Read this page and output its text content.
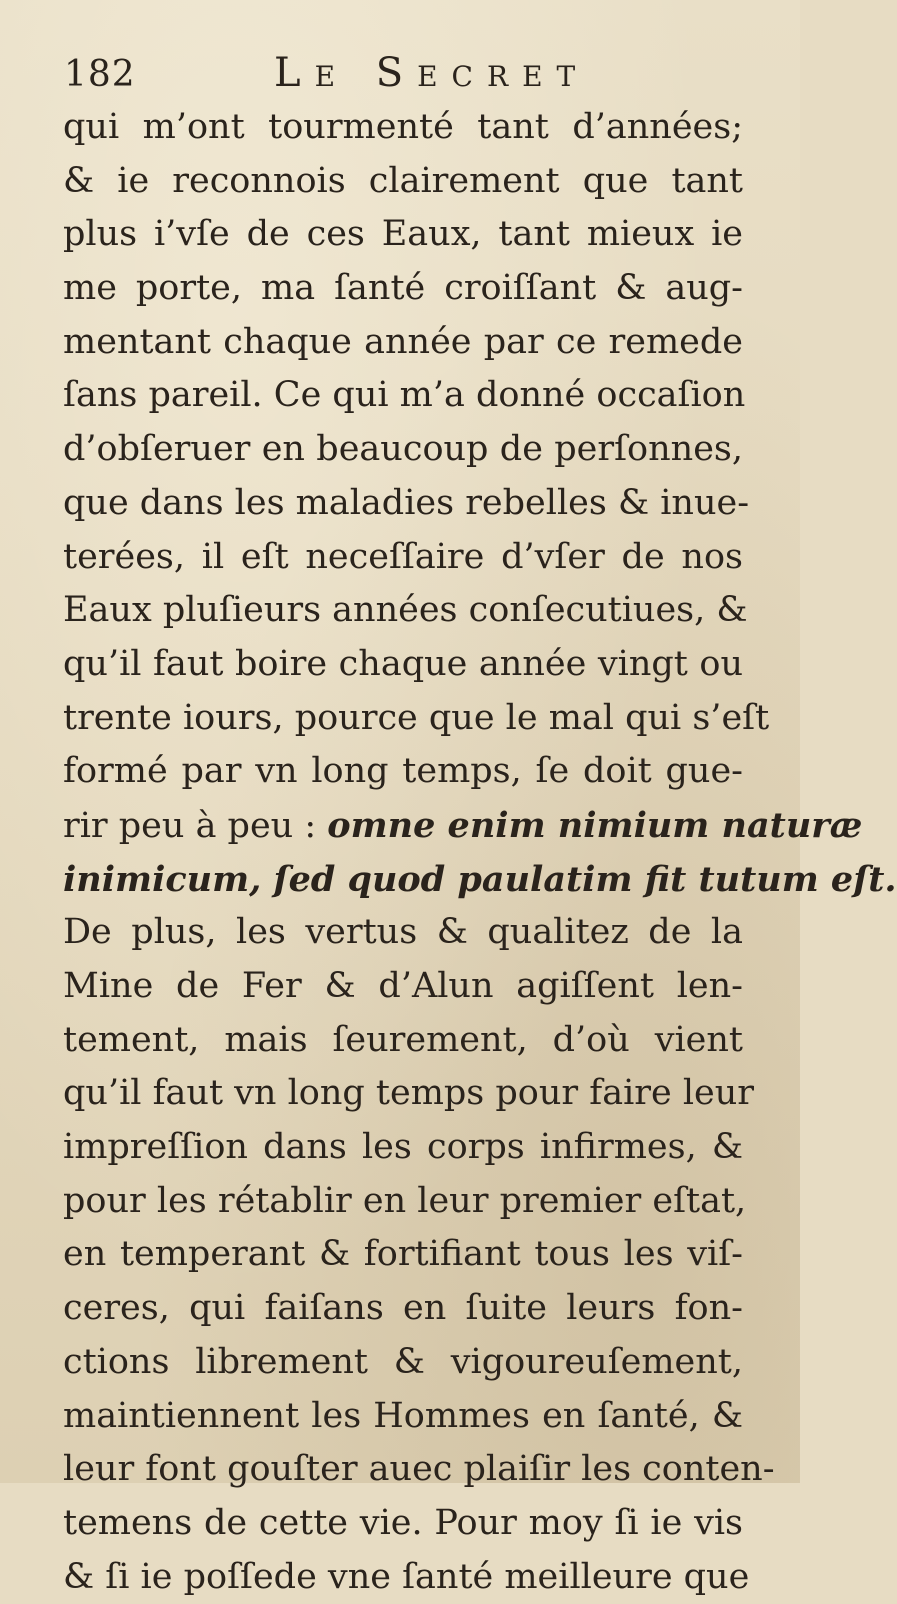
182	Le Secret
qui m’ont tourmenté tant d’années;
& ie reconnois clairement que tant
plus i’vſe de ces Eaux, tant mieux ie
me porte, ma ſanté croiſſant & aug-
mentant chaque année par ce remede
ſans pareil. Ce qui m’a donné occaſion
d’obſeruer en beaucoup de perſonnes,
que dans les maladies rebelles & inue-
terées, il eſt neceſſaire d’vſer de nos
Eaux pluſieurs années conſecutiues, &
qu’il faut boire chaque année vingt ou
trente iours, pource que le mal qui s’eſt
formé par vn long temps, ſe doit gue-
rir peu à peu : omne enim nimium naturæ
inimicum, ſed quod paulatim fit tutum eſt.
De plus, les vertus & qualitez de la
Mine de Fer & d’Alun agiſſent len-
tement, mais ſeurement, d’où vient
qu’il faut vn long temps pour faire leur
impreſſion dans les corps infirmes, &
pour les rétablir en leur premier eſtat,
en temperant & fortifiant tous les viſ-
ceres, qui faiſans en ſuite leurs fon-
ctions librement & vigoureuſement,
maintiennent les Hommes en ſanté, &
leur font gouſter auec plaiſir les conten-
temens de cette vie. Pour moy ſi ie vis
& ſi ie poſſede vne ſanté meilleure que
